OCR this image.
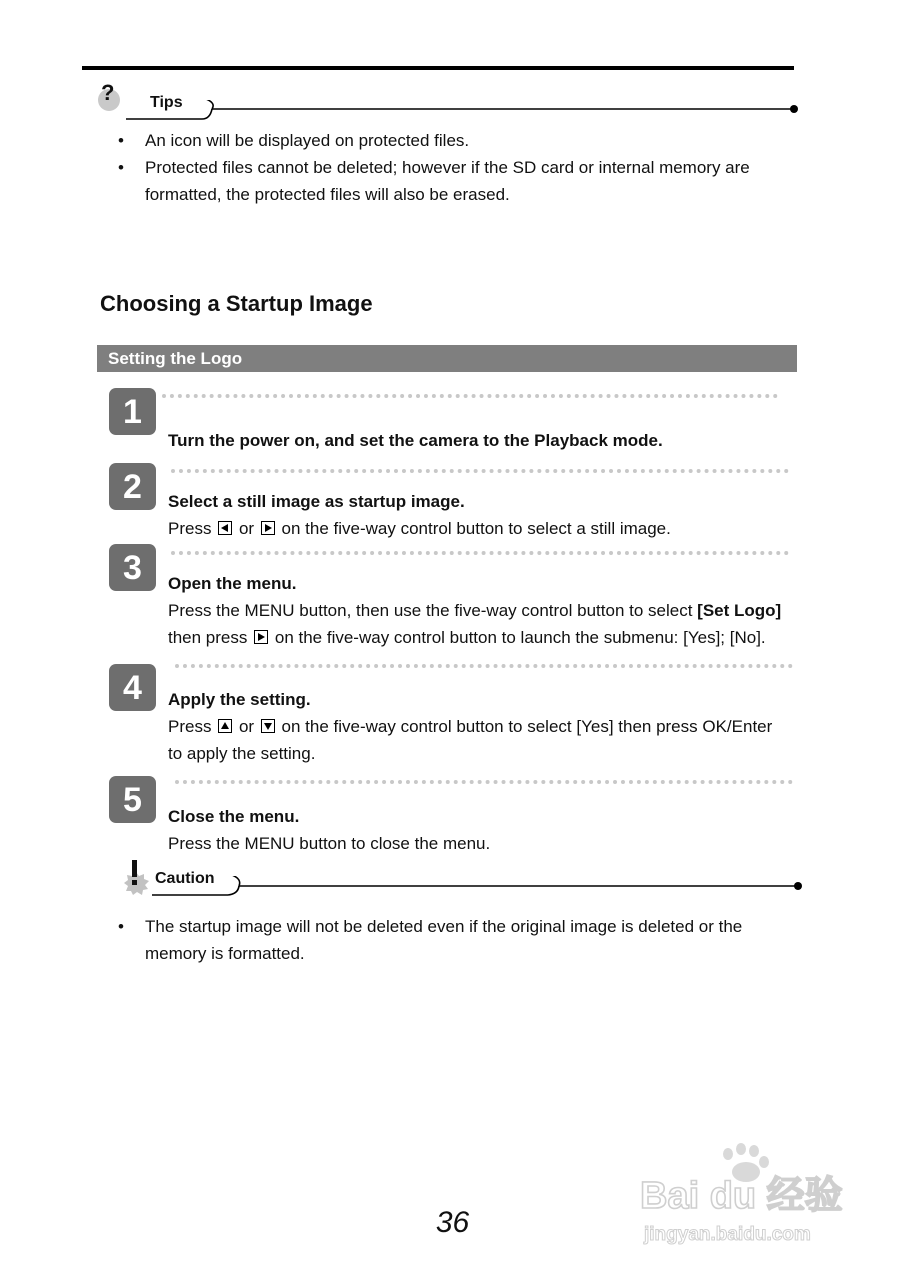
? Tips
• An icon will be displayed on protected files.
• Protected files cannot be deleted; however if the SD card or internal memory are formatted, the protected files will also be erased.
Choosing a Startup Image
Setting the Logo
1
Turn the power on, and set the camera to the Playback mode.
2	Select a still image as startup image.
Press or on the five-way control button to select a still image.
3	Open the menu.
Press the MENU button, then use the five-way control button to select [Set Logo]
then press on the five-way control button to launch the submenu: [Yes]; [No].
4	Apply the setting.
Press or on the five-way control button to select [Yes] then press OK/Enter
to apply the setting.
5	Close the menu.
Press the MENU button to close the menu.
Caution
• The startup image will not be deleted even if the original image is deleted or the memory is formatted.
36
Bai du 经验
jingyan.baidu.com
